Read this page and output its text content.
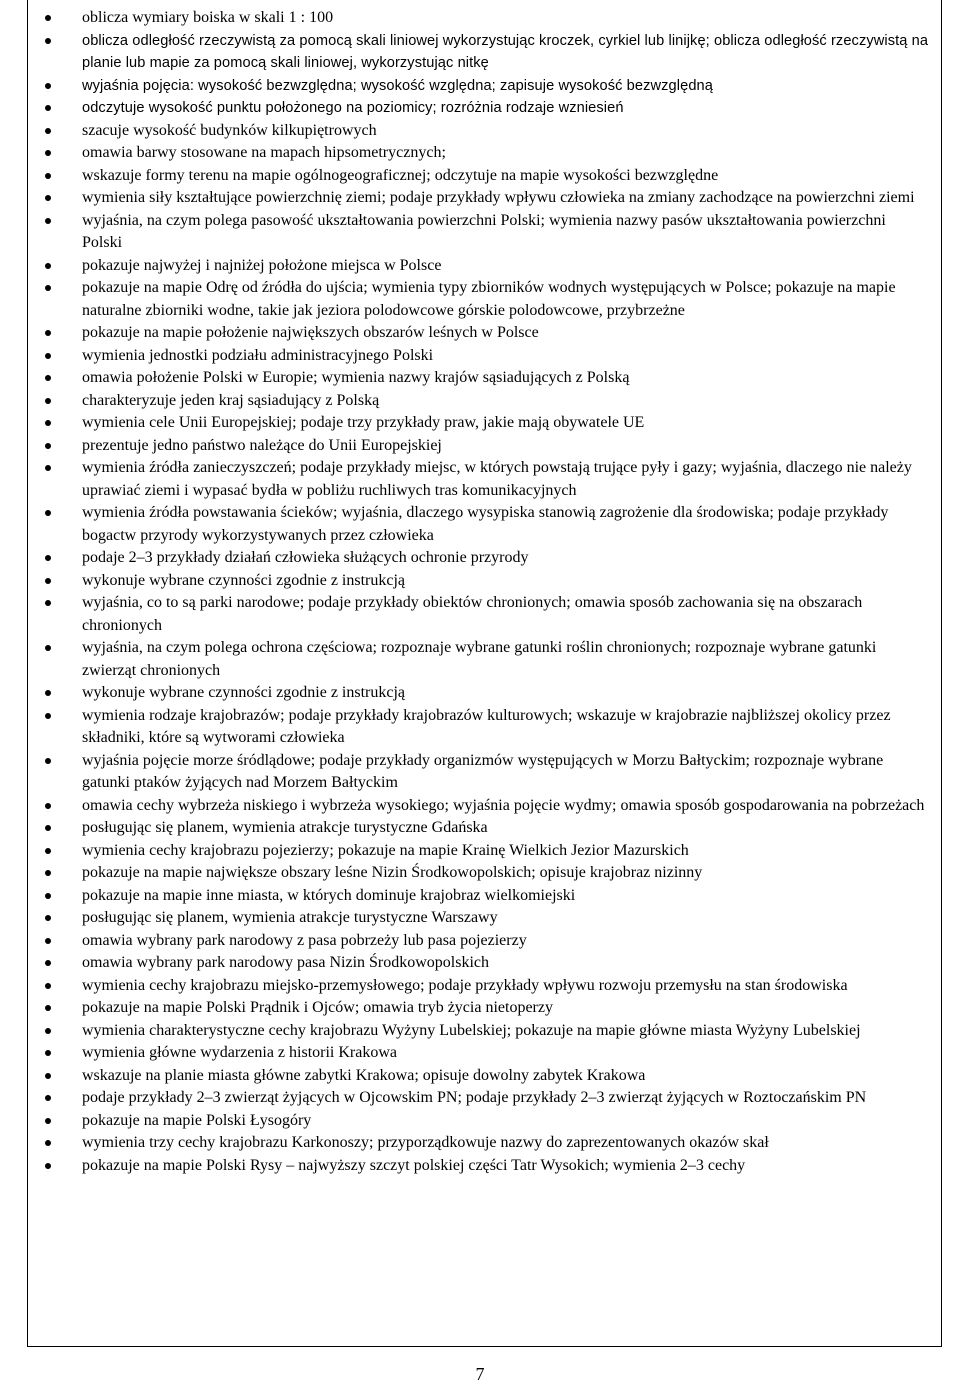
oblicza wymiary boiska w skali 1 : 100
oblicza odległość rzeczywistą za pomocą skali liniowej wykorzystując kroczek, cyrkiel lub linijkę; oblicza odległość rzeczywistą na planie lub mapie za pomocą skali liniowej, wykorzystując nitkę
wyjaśnia pojęcia: wysokość bezwzględna; wysokość względna; zapisuje wysokość bezwzględną
odczytuje wysokość punktu położonego na poziomicy; rozróżnia rodzaje wzniesień
szacuje wysokość budynków kilkupiętrowych
omawia barwy stosowane na mapach hipsometrycznych;
wskazuje formy terenu na mapie ogólnogeograficznej; odczytuje na mapie wysokości bezwzględne
wymienia siły kształtujące powierzchnię ziemi; podaje przykłady wpływu człowieka na zmiany zachodzące na powierzchni ziemi
wyjaśnia, na czym polega pasowość ukształtowania powierzchni Polski; wymienia nazwy pasów ukształtowania powierzchni Polski
pokazuje najwyżej i najniżej położone miejsca w Polsce
pokazuje na mapie Odrę od źródła do ujścia; wymienia typy zbiorników wodnych występujących w Polsce; pokazuje na mapie naturalne zbiorniki wodne, takie jak jeziora polodowcowe górskie polodowcowe, przybrzeżne
pokazuje na mapie położenie największych obszarów leśnych w Polsce
wymienia jednostki podziału administracyjnego Polski
omawia położenie Polski w Europie; wymienia nazwy krajów sąsiadujących z Polską
charakteryzuje jeden kraj sąsiadujący z Polską
wymienia cele Unii Europejskiej; podaje trzy przykłady praw, jakie mają obywatele UE
prezentuje jedno państwo należące do Unii Europejskiej
wymienia źródła zanieczyszczeń; podaje przykłady miejsc, w których powstają trujące pyły i gazy; wyjaśnia, dlaczego nie należy uprawiać ziemi i wypasać bydła w pobliżu ruchliwych tras komunikacyjnych
wymienia źródła powstawania ścieków; wyjaśnia, dlaczego wysypiska stanowią zagrożenie dla środowiska; podaje przykłady bogactw przyrody wykorzystywanych przez człowieka
podaje 2–3 przykłady działań człowieka służących ochronie przyrody
wykonuje wybrane czynności zgodnie z instrukcją
wyjaśnia, co to są parki narodowe; podaje przykłady obiektów chronionych; omawia sposób zachowania się na obszarach chronionych
wyjaśnia, na czym polega ochrona częściowa; rozpoznaje wybrane gatunki roślin chronionych; rozpoznaje wybrane gatunki zwierząt chronionych
wykonuje wybrane czynności zgodnie z instrukcją
wymienia rodzaje krajobrazów; podaje przykłady krajobrazów kulturowych; wskazuje w krajobrazie najbliższej okolicy przez składniki, które są wytworami człowieka
wyjaśnia pojęcie morze śródlądowe; podaje przykłady organizmów występujących w Morzu Bałtyckim; rozpoznaje wybrane gatunki ptaków żyjących nad Morzem Bałtyckim
omawia cechy wybrzeża niskiego i wybrzeża wysokiego; wyjaśnia pojęcie wydmy; omawia sposób gospodarowania na pobrzeżach
posługując się planem, wymienia atrakcje turystyczne Gdańska
wymienia cechy krajobrazu pojezierzy; pokazuje na mapie Krainę Wielkich Jezior Mazurskich
pokazuje na mapie największe obszary leśne Nizin Środkowopolskich; opisuje krajobraz nizinny
pokazuje na mapie inne miasta, w których dominuje krajobraz wielkomiejski
posługując się planem, wymienia atrakcje turystyczne Warszawy
omawia wybrany park narodowy z pasa pobrzeży lub pasa pojezierzy
omawia wybrany park narodowy pasa Nizin Środkowopolskich
wymienia cechy krajobrazu miejsko-przemysłowego; podaje przykłady wpływu rozwoju przemysłu na stan środowiska
pokazuje na mapie Polski Prądnik i Ojców; omawia tryb życia nietoperzy
wymienia charakterystyczne cechy krajobrazu Wyżyny Lubelskiej; pokazuje na mapie główne miasta Wyżyny Lubelskiej
wymienia główne wydarzenia z historii Krakowa
wskazuje na planie miasta główne zabytki Krakowa; opisuje dowolny zabytek Krakowa
podaje przykłady 2–3 zwierząt żyjących w Ojcowskim PN; podaje przykłady 2–3 zwierząt żyjących w Roztoczańskim PN
pokazuje na mapie Polski Łysogóry
wymienia trzy cechy krajobrazu Karkonoszy; przyporządkowuje nazwy do zaprezentowanych okazów skał
pokazuje na mapie Polski Rysy – najwyższy szczyt polskiej części Tatr Wysokich; wymienia 2–3 cechy
7
